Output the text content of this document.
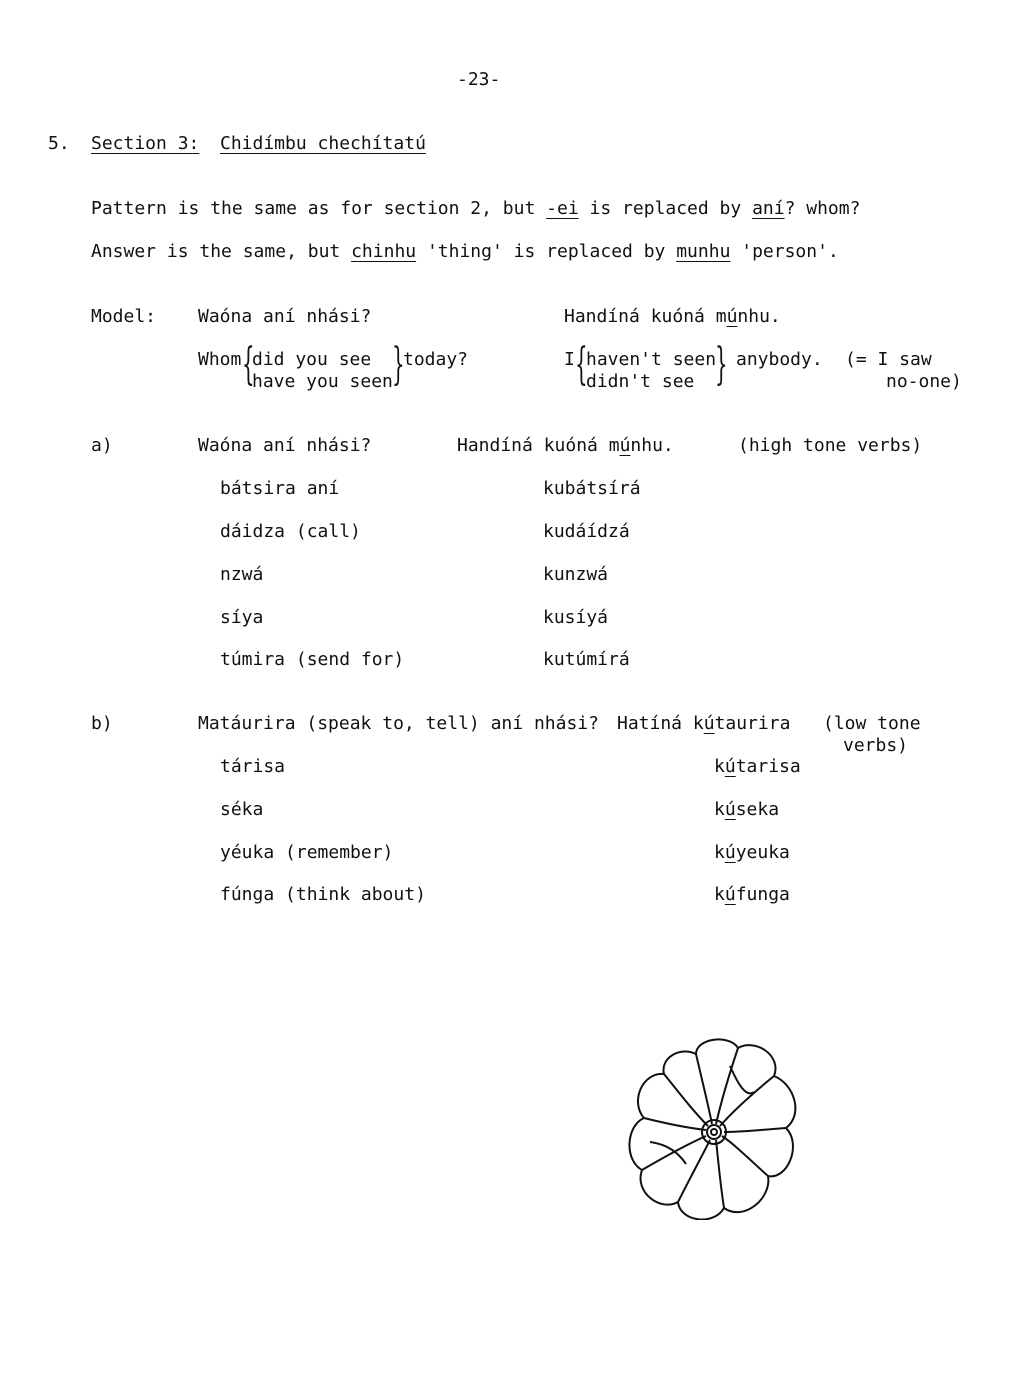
-23-
5. Section 3: Chidímbu chechítatú
Pattern is the same as for section 2, but -ei is replaced by aní? whom?
Answer is the same, but chinhu 'thing' is replaced by munhu 'person'.
Model: Waóna aní nhási?	Handíná kuóná múnhu.
Whom {
did you see
have you seen }
today?	I {
haven't seen
didn't see } anybody. (= I saw
no-one)
a)	Waóna aní nhási?	Handíná kuóná múnhu.	(high tone verbs)
bátsira aní	kubátsírá
dáidza (call)	kudáídzá
nzwá	kunzwá
síya	kusíyá
túmira (send for)	kutúmírá
b)	Matáurira (speak to, tell) aní nhási? Hatíná kútaurira (low tone
verbs)
tárisa	kútarisa
séka	kúseka
yéuka (remember)	kúyeuka
fúnga (think about)	kúfunga
